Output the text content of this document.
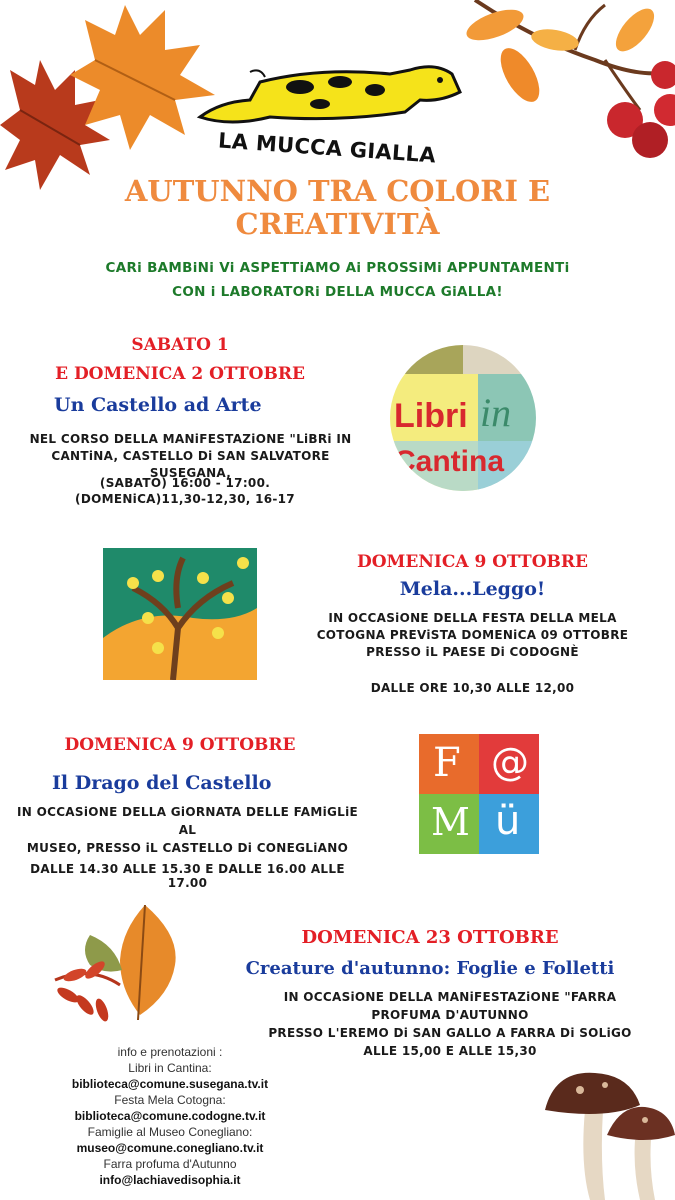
LA MUCCA GIALLA
AUTUNNO TRA COLORI E
CREATIVITÀ
CARi BAMBiNi Vi ASPETTiAMO Ai PROSSiMi APPUNTAMENTi
CON i LABORATORi DELLA MUCCA GiALLA!
SABATO 1
E DOMENICA 2 OTTOBRE
Un Castello ad Arte
NEL CORSO DELLA MANiFESTAZiONE "LiBRi IN
CANTiNA, CASTELLO Di SAN SALVATORE SUSEGANA,
(SABATO) 16:00 - 17:00.
(DOMENiCA)11,30-12,30, 16-17
Libri in
Cantina
DOMENICA 9 OTTOBRE
Mela...Leggo!
IN OCCASiONE DELLA FESTA DELLA MELA
COTOGNA PREViSTA DOMENiCA 09 OTTOBRE
PRESSO iL PAESE Di CODOGNÈ
DALLE ORE 10,30 ALLE 12,00
DOMENICA 9 OTTOBRE
Il Drago del Castello
IN OCCASiONE DELLA GiORNATA DELLE FAMiGLiE AL
MUSEO, PRESSO iL CASTELLO Di CONEGLiANO
DALLE 14.30 ALLE 15.30 E DALLE 16.00 ALLE 17.00
F @
M ü
DOMENICA 23 OTTOBRE
Creature d'autunno: Foglie e Folletti
IN OCCASiONE DELLA MANiFESTAZiONE "FARRA
PROFUMA D'AUTUNNO
PRESSO L'EREMO Di SAN GALLO A FARRA Di SOLiGO
ALLE 15,00 E ALLE 15,30
info e prenotazioni :
Libri in Cantina:
biblioteca@comune.susegana.tv.it
Festa Mela Cotogna:
biblioteca@comune.codogne.tv.it
Famiglie al Museo Conegliano:
museo@comune.conegliano.tv.it
Farra profuma d'Autunno
info@lachiavedisophia.it
